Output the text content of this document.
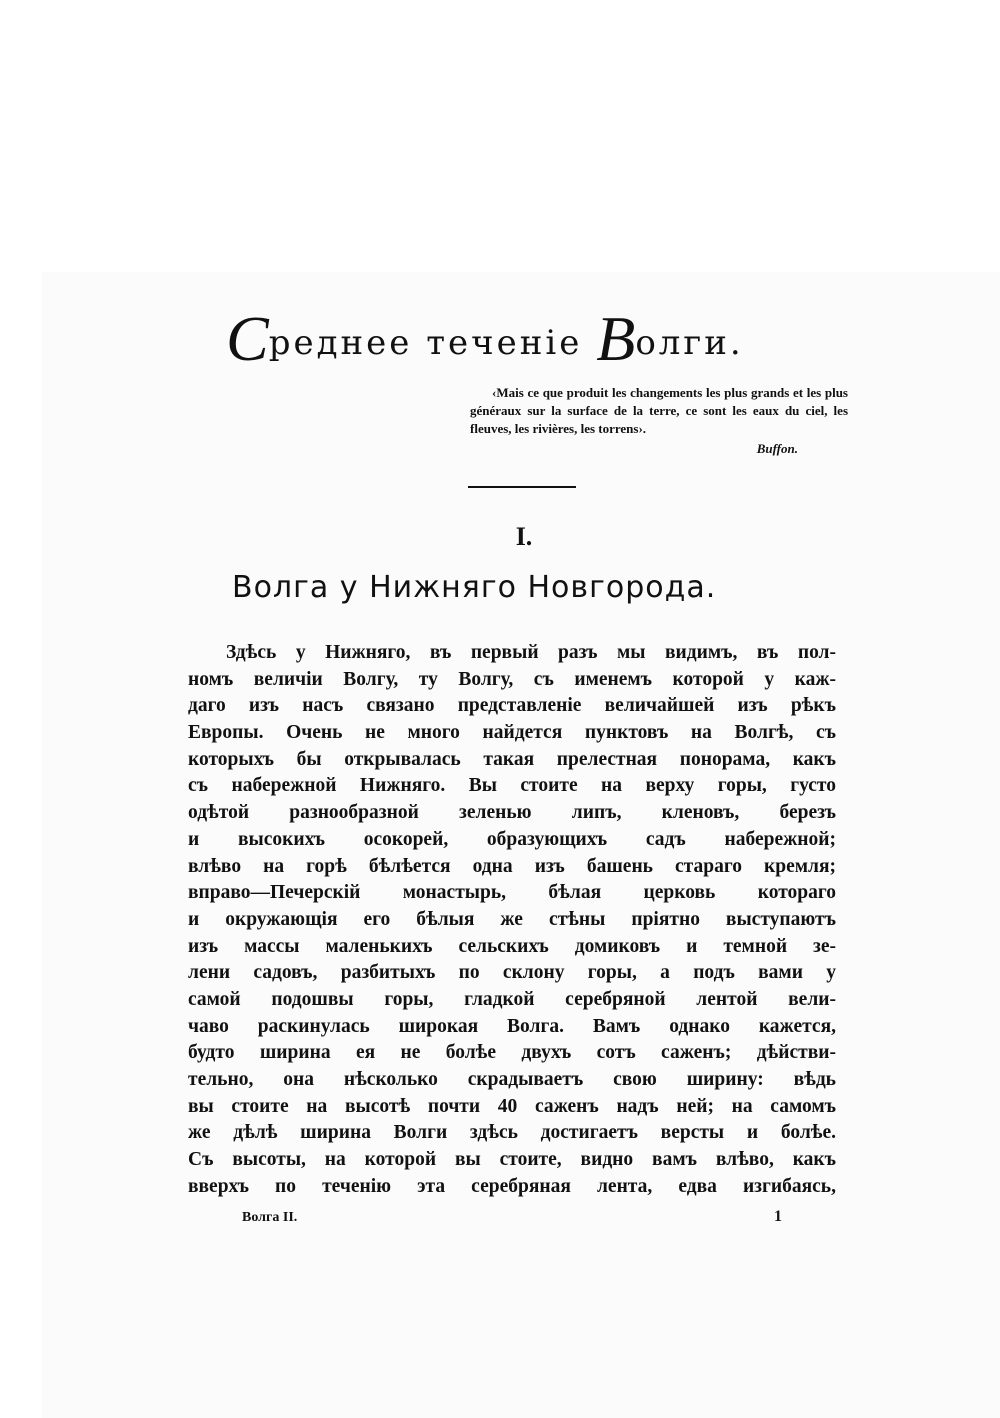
Среднее теченіе Волги.

‹Mais ce que produit les changements les plus grands et les plus généraux sur la surface de la terre, ce sont les eaux du ciel, les fleuves, les rivières, les torrens›.

Buffon.

I.
Волга у Нижняго Новгорода.
Здѣсь у Нижняго, въ первый разъ мы видимъ, въ пол-
номъ величіи Волгу, ту Волгу, съ именемъ которой у каж-
даго изъ насъ связано представленіе величайшей изъ рѣкъ
Европы. Очень не много найдется пунктовъ на Волгѣ, съ
которыхъ бы открывалась такая прелестная понорама, какъ
съ набережной Нижняго. Вы стоите на верху горы, густо
одѣтой разнообразной зеленью липъ, кленовъ, березъ
и высокихъ осокорей, образующихъ садъ набережной;
влѣво на горѣ бѣлѣется одна изъ башень стараго кремля;
вправо—Печерскій монастырь, бѣлая церковь котораго
и окружающія его бѣлыя же стѣны пріятно выступаютъ
изъ массы маленькихъ сельскихъ домиковъ и темной зе-
лени садовъ, разбитыхъ по склону горы, а подъ вами у
самой подошвы горы, гладкой серебряной лентой вели-
чаво раскинулась широкая Волга. Вамъ однако кажется,
будто ширина ея не болѣе двухъ сотъ саженъ; дѣйстви-
тельно, она нѣсколько скрадываетъ свою ширину: вѣдь
вы стоите на высотѣ почти 40 саженъ надъ ней; на самомъ
же дѣлѣ ширина Волги здѣсь достигаетъ версты и болѣе.
Съ высоты, на которой вы стоите, видно вамъ влѣво, какъ
вверхъ по теченію эта серебряная лента, едва изгибаясь,
Волга II.	1
